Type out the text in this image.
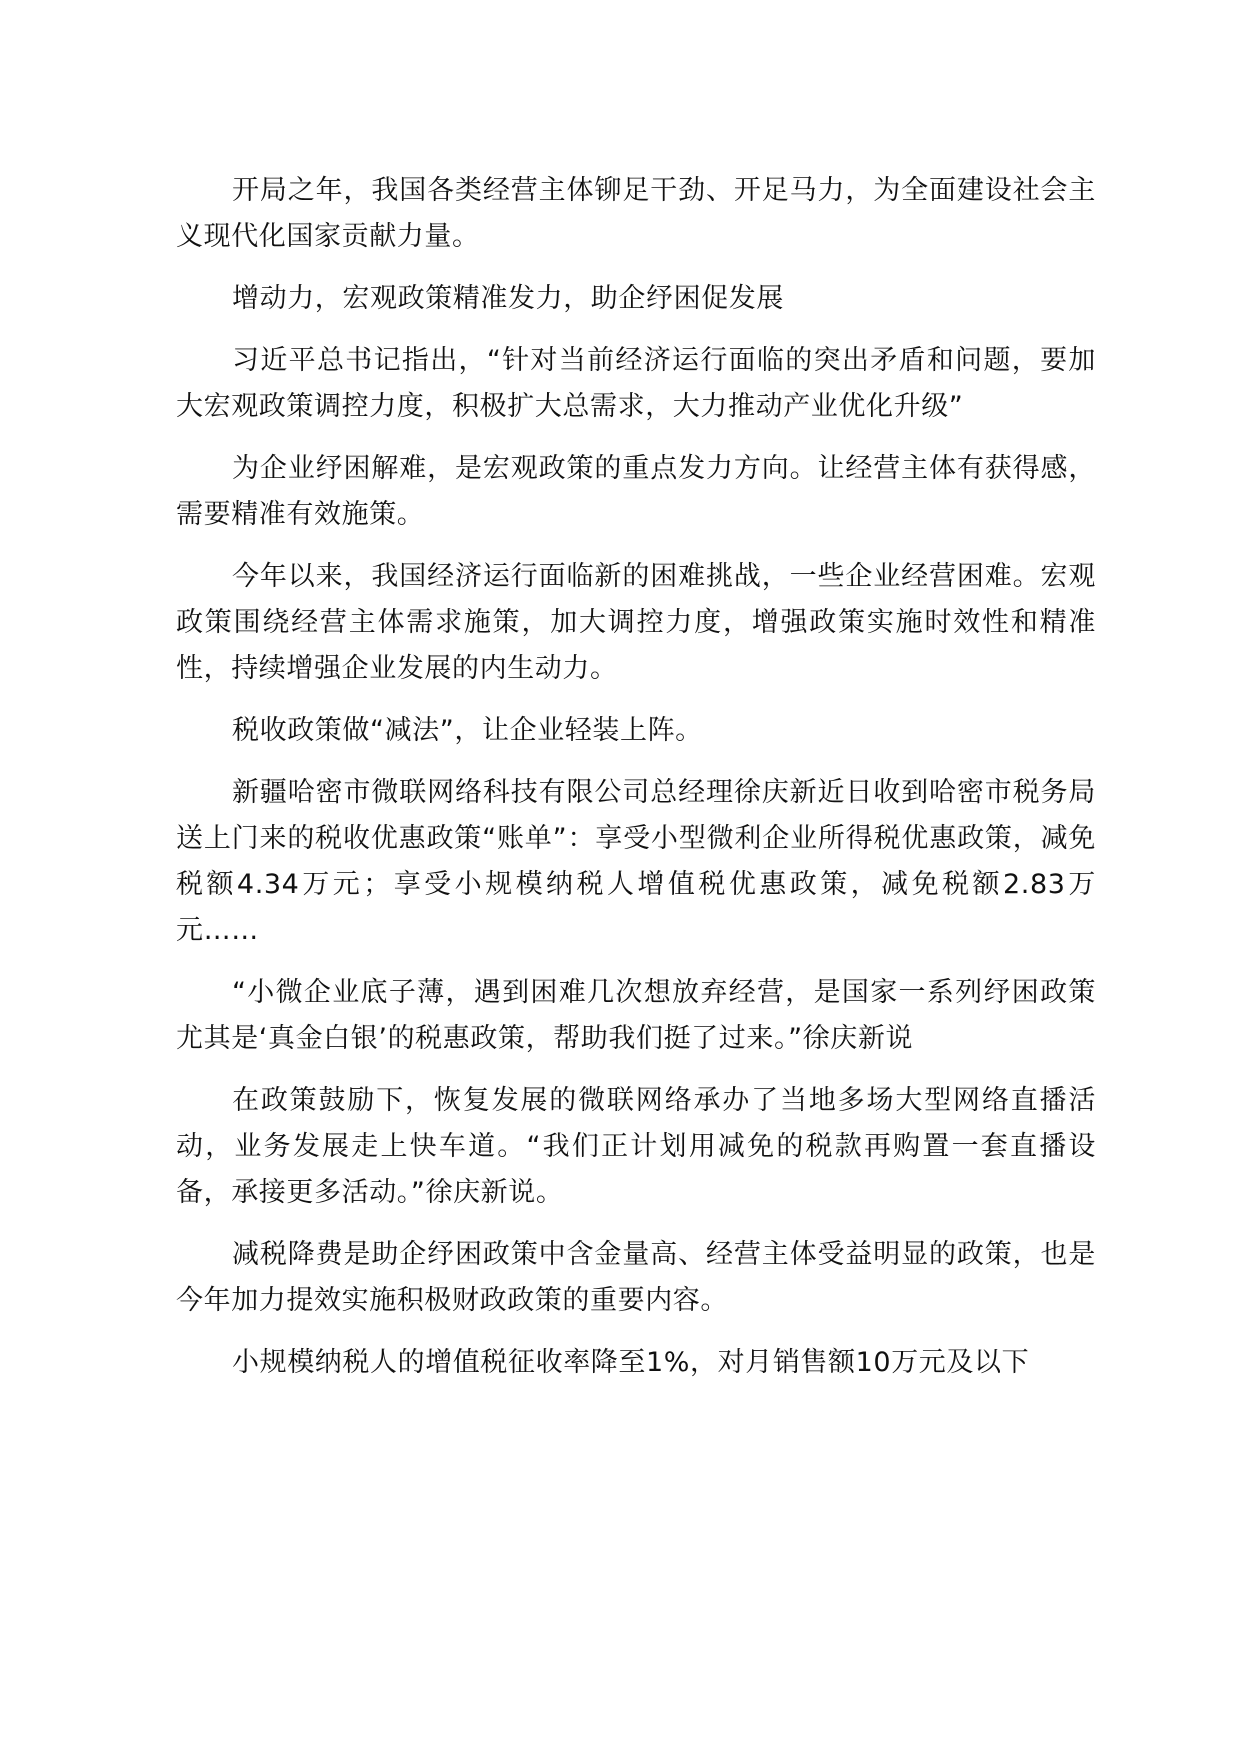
开局之年，我国各类经营主体铆足干劲、开足马力，为全面建设社会主义现代化国家贡献力量。

增动力，宏观政策精准发力，助企纾困促发展

习近平总书记指出，“针对当前经济运行面临的突出矛盾和问题，要加大宏观政策调控力度，积极扩大总需求，大力推动产业优化升级”

为企业纾困解难，是宏观政策的重点发力方向。让经营主体有获得感，需要精准有效施策。

今年以来，我国经济运行面临新的困难挑战，一些企业经营困难。宏观政策围绕经营主体需求施策，加大调控力度，增强政策实施时效性和精准性，持续增强企业发展的内生动力。

税收政策做“减法”，让企业轻装上阵。

新疆哈密市微联网络科技有限公司总经理徐庆新近日收到哈密市税务局送上门来的税收优惠政策“账单”：享受小型微利企业所得税优惠政策，减免税额4.34万元；享受小规模纳税人增值税优惠政策，减免税额2.83万元……

“小微企业底子薄，遇到困难几次想放弃经营，是国家一系列纾困政策尤其是‘真金白银’的税惠政策，帮助我们挺了过来。”徐庆新说

在政策鼓励下，恢复发展的微联网络承办了当地多场大型网络直播活动，业务发展走上快车道。“我们正计划用减免的税款再购置一套直播设备，承接更多活动。”徐庆新说。

减税降费是助企纾困政策中含金量高、经营主体受益明显的政策，也是今年加力提效实施积极财政政策的重要内容。

小规模纳税人的增值税征收率降至1%，对月销售额10万元及以下
